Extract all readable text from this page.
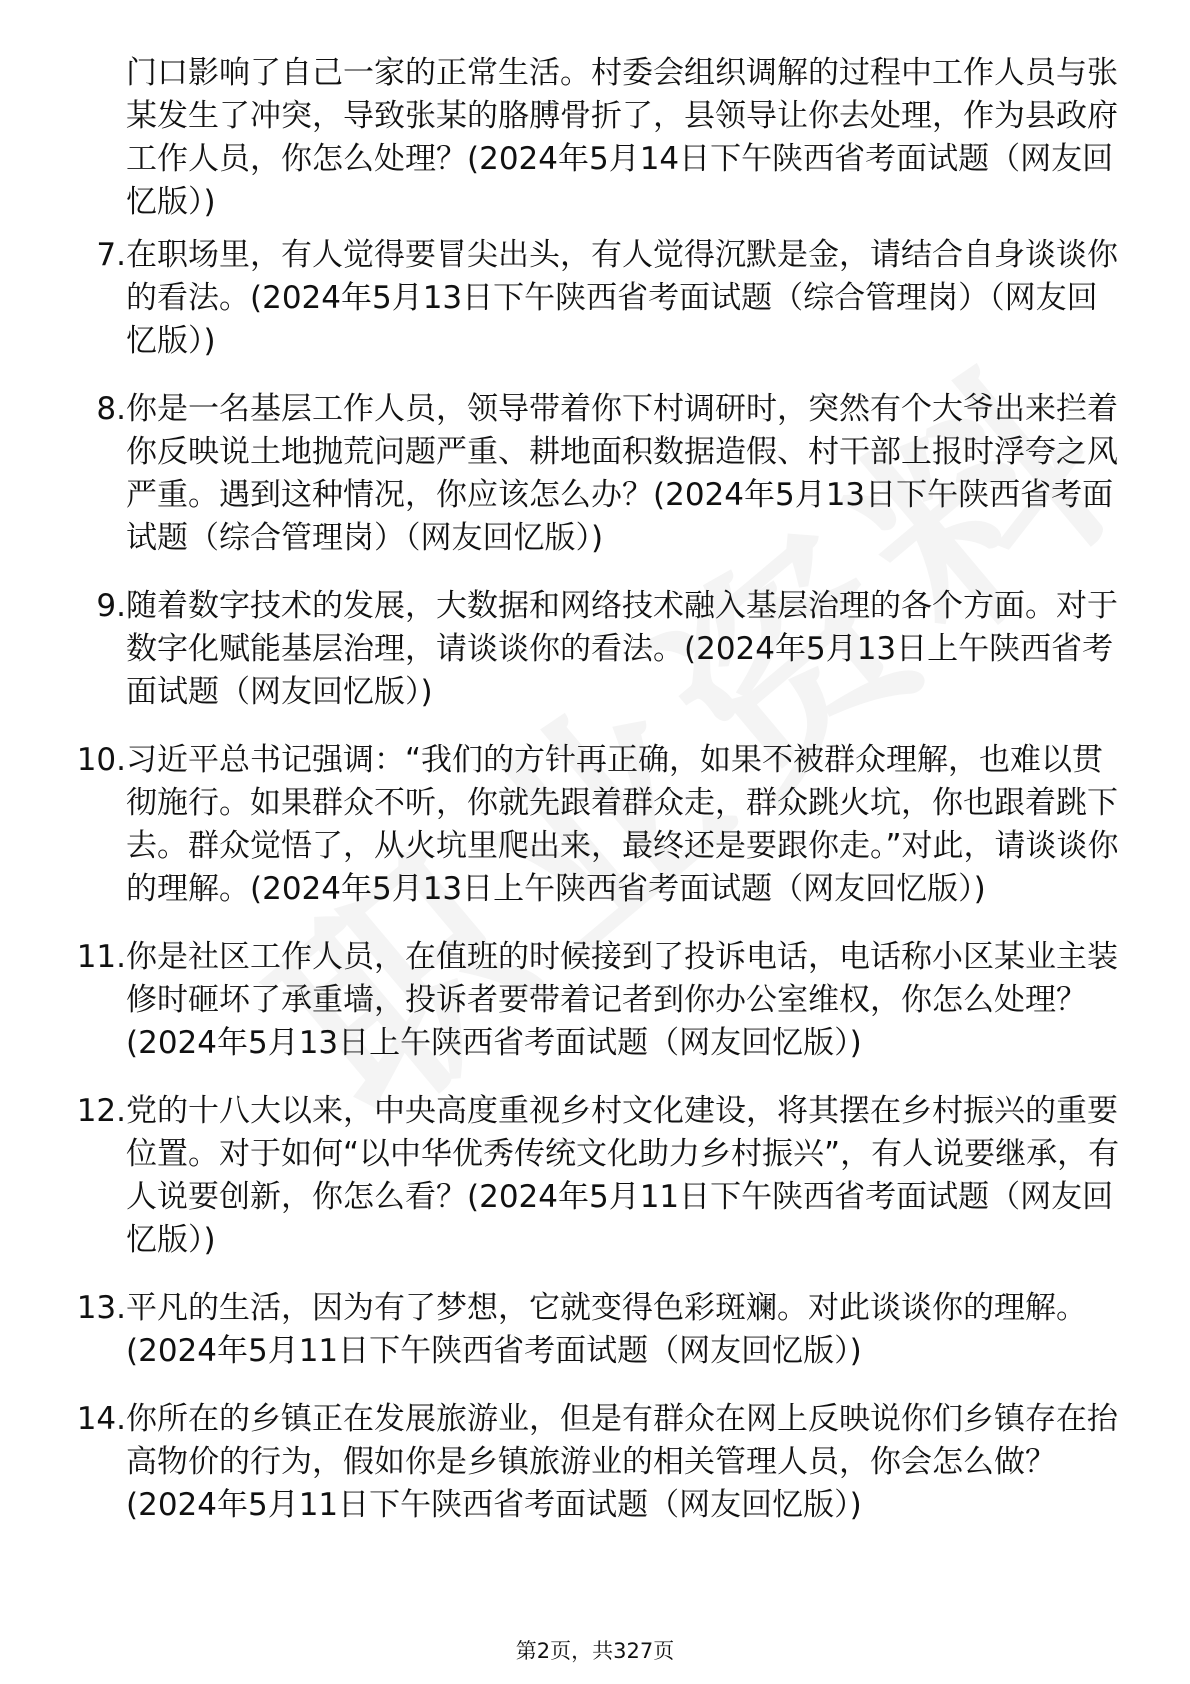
门口影响了自己一家的正常生活。村委会组织调解的过程中工作人员与张某发生了冲突，导致张某的胳膊骨折了，县领导让你去处理，作为县政府工作人员，你怎么处理？(2024年5月14日下午陕西省考面试题（网友回忆版）)

7. 在职场里，有人觉得要冒尖出头，有人觉得沉默是金，请结合自身谈谈你的看法。(2024年5月13日下午陕西省考面试题（综合管理岗）（网友回忆版）)
8. 你是一名基层工作人员，领导带着你下村调研时，突然有个大爷出来拦着你反映说土地抛荒问题严重、耕地面积数据造假、村干部上报时浮夸之风严重。遇到这种情况，你应该怎么办？(2024年5月13日下午陕西省考面试题（综合管理岗）（网友回忆版）)
9. 随着数字技术的发展，大数据和网络技术融入基层治理的各个方面。对于数字化赋能基层治理，请谈谈你的看法。(2024年5月13日上午陕西省考面试题（网友回忆版）)
10. 习近平总书记强调：“我们的方针再正确，如果不被群众理解，也难以贯彻施行。如果群众不听，你就先跟着群众走，群众跳火坑，你也跟着跳下去。群众觉悟了，从火坑里爬出来，最终还是要跟你走。”对此，请谈谈你的理解。(2024年5月13日上午陕西省考面试题（网友回忆版）)
11. 你是社区工作人员，在值班的时候接到了投诉电话，电话称小区某业主装修时砸坏了承重墙，投诉者要带着记者到你办公室维权，你怎么处理？(2024年5月13日上午陕西省考面试题（网友回忆版）)
12. 党的十八大以来，中央高度重视乡村文化建设，将其摆在乡村振兴的重要位置。对于如何“以中华优秀传统文化助力乡村振兴”，有人说要继承，有人说要创新，你怎么看？(2024年5月11日下午陕西省考面试题（网友回忆版）)
13. 平凡的生活，因为有了梦想，它就变得色彩斑斓。对此谈谈你的理解。(2024年5月11日下午陕西省考面试题（网友回忆版）)
14. 你所在的乡镇正在发展旅游业，但是有群众在网上反映说你们乡镇存在抬高物价的行为，假如你是乡镇旅游业的相关管理人员，你会怎么做？(2024年5月11日下午陕西省考面试题（网友回忆版）)
第2页，共327页
